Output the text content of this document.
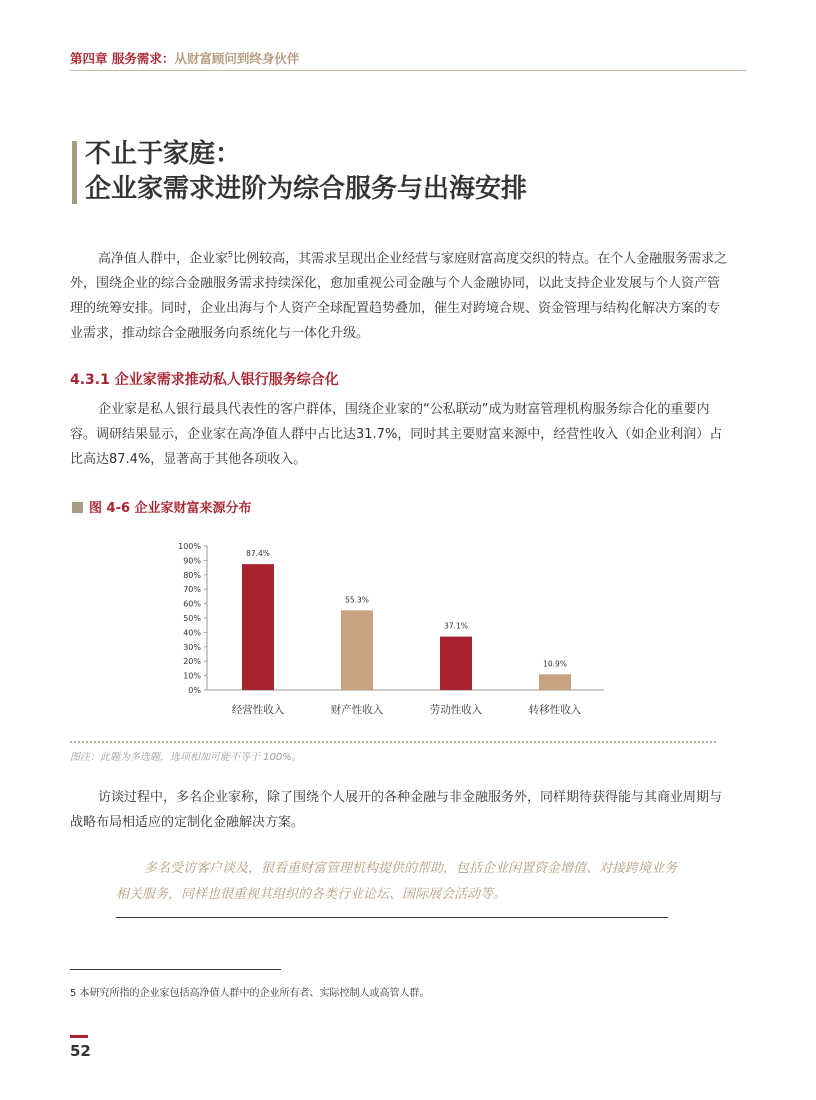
第四章 服务需求：从财富顾问到终身伙伴
不止于家庭：
企业家需求进阶为综合服务与出海安排
高净值人群中，企业家$^5$比例较高，其需求呈现出企业经营与家庭财富高度交织的特点。在个人金融服务需求之
外，围绕企业的综合金融服务需求持续深化，愈加重视公司金融与个人金融协同，以此支持企业发展与个人资产管
理的统筹安排。同时，企业出海与个人资产全球配置趋势叠加，催生对跨境合规、资金管理与结构化解决方案的专
业需求，推动综合金融服务向系统化与一体化升级。
4.3.1 企业家需求推动私人银行服务综合化
企业家是私人银行最具代表性的客户群体，围绕企业家的“公私联动”成为财富管理机构服务综合化的重要内
容。调研结果显示，企业家在高净值人群中占比达31.7%，同时其主要财富来源中，经营性收入（如企业利润）占
比高达87.4%，显著高于其他各项收入。
图 4-6 企业家财富来源分布
0%
10%
20%
30%
40%
50%
60%
70%
80%
90%
100%
87.4%
经营性收入
55.3%
财产性收入
37.1%
劳动性收入
10.9%
转移性收入
图注：此题为多选题，选项相加可能不等于 100%。
访谈过程中，多名企业家称，除了围绕个人展开的各种金融与非金融服务外，同样期待获得能与其商业周期与
战略布局相适应的定制化金融解决方案。
多名受访客户谈及，很看重财富管理机构提供的帮助，包括企业闲置资金增值、对接跨境业务
相关服务，同样也很重视其组织的各类行业论坛、国际展会活动等。
5 本研究所指的企业家包括高净值人群中的企业所有者、实际控制人或高管人群。
52
